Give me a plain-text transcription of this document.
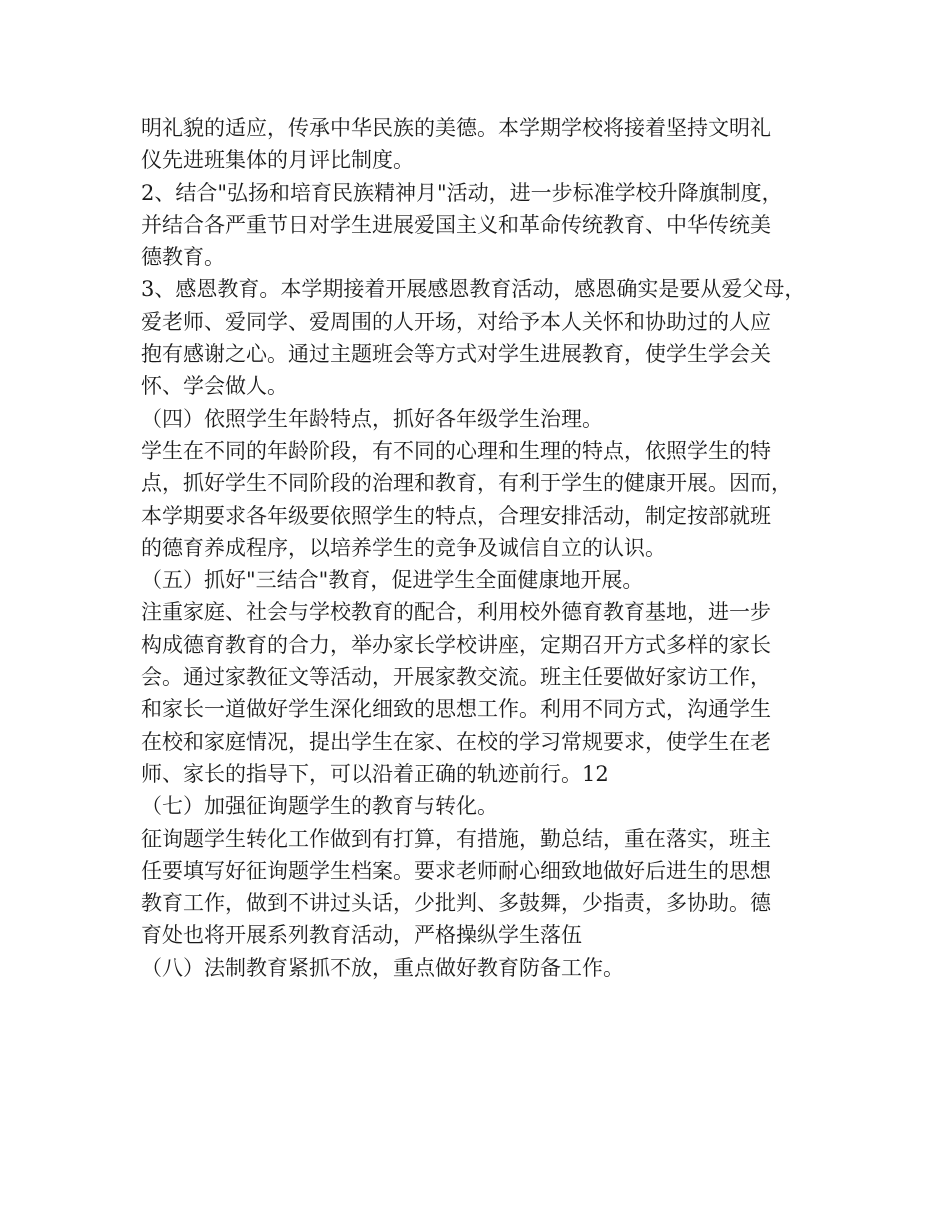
明礼貌的适应，传承中华民族的美德。本学期学校将接着坚持文明礼
仪先进班集体的月评比制度。
2、结合"弘扬和培育民族精神月"活动，进一步标准学校升降旗制度，
并结合各严重节日对学生进展爱国主义和革命传统教育、中华传统美
德教育。
3、感恩教育。本学期接着开展感恩教育活动，感恩确实是要从爱父母，
爱老师、爱同学、爱周围的人开场，对给予本人关怀和协助过的人应
抱有感谢之心。通过主题班会等方式对学生进展教育，使学生学会关
怀、学会做人。
（四）依照学生年龄特点，抓好各年级学生治理。
学生在不同的年龄阶段，有不同的心理和生理的特点，依照学生的特
点，抓好学生不同阶段的治理和教育，有利于学生的健康开展。因而，
本学期要求各年级要依照学生的特点，合理安排活动，制定按部就班
的德育养成程序，以培养学生的竞争及诚信自立的认识。
（五）抓好"三结合"教育，促进学生全面健康地开展。
注重家庭、社会与学校教育的配合，利用校外德育教育基地，进一步
构成德育教育的合力，举办家长学校讲座，定期召开方式多样的家长
会。通过家教征文等活动，开展家教交流。班主任要做好家访工作，
和家长一道做好学生深化细致的思想工作。利用不同方式，沟通学生
在校和家庭情况，提出学生在家、在校的学习常规要求，使学生在老
师、家长的指导下，可以沿着正确的轨迹前行。12
（七）加强征询题学生的教育与转化。
征询题学生转化工作做到有打算，有措施，勤总结，重在落实，班主
任要填写好征询题学生档案。要求老师耐心细致地做好后进生的思想
教育工作，做到不讲过头话，少批判、多鼓舞，少指责，多协助。德
育处也将开展系列教育活动，严格操纵学生落伍
（八）法制教育紧抓不放，重点做好教育防备工作。
